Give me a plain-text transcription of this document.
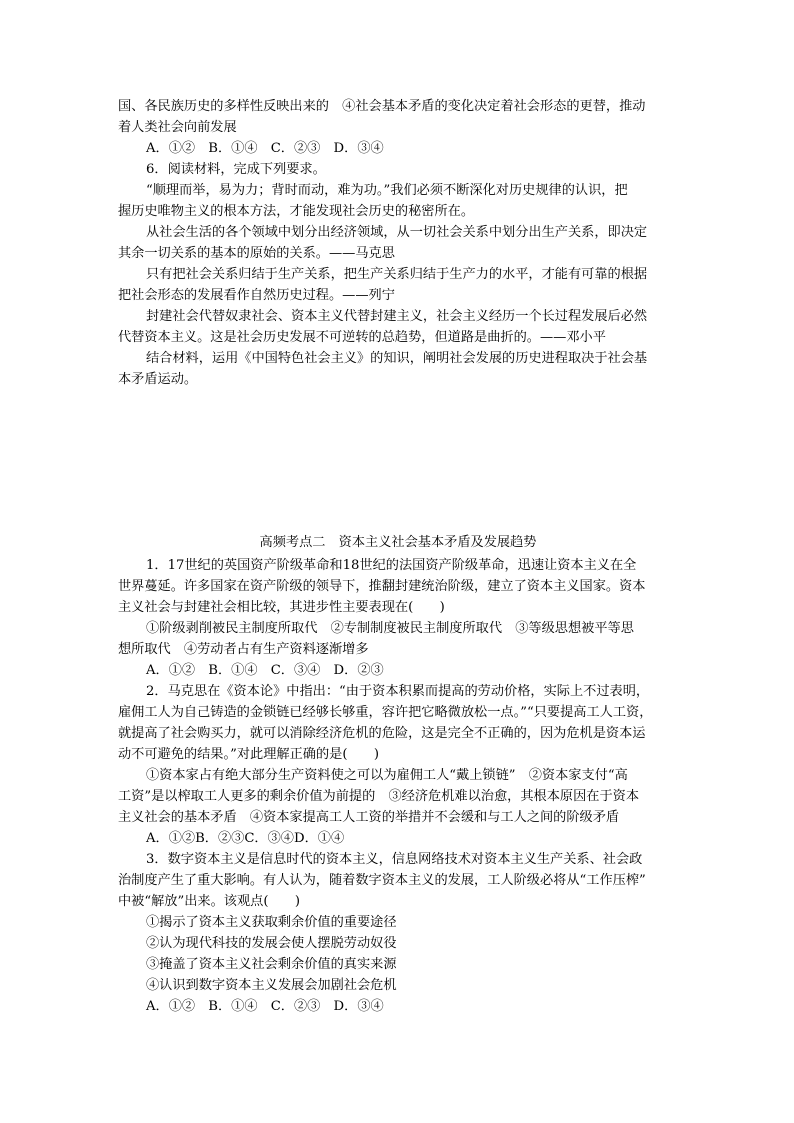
国、各民族历史的多样性反映出来的　④社会基本矛盾的变化决定着社会形态的更替，推动

着人类社会向前发展

A．①②　B．①④　C．②③　D．③④

6．阅读材料，完成下列要求。

“顺理而举，易为力；背时而动，难为功。”我们必须不断深化对历史规律的认识，把

握历史唯物主义的根本方法，才能发现社会历史的秘密所在。

从社会生活的各个领域中划分出经济领域，从一切社会关系中划分出生产关系，即决定

其余一切关系的基本的原始的关系。——马克思

只有把社会关系归结于生产关系，把生产关系归结于生产力的水平，才能有可靠的根据

把社会形态的发展看作自然历史过程。——列宁

封建社会代替奴隶社会、资本主义代替封建主义，社会主义经历一个长过程发展后必然

代替资本主义。这是社会历史发展不可逆转的总趋势，但道路是曲折的。——邓小平

结合材料，运用《中国特色社会主义》的知识，阐明社会发展的历史进程取决于社会基

本矛盾运动。

高频考点二　资本主义社会基本矛盾及发展趋势

1．17世纪的英国资产阶级革命和18世纪的法国资产阶级革命，迅速让资本主义在全

世界蔓延。许多国家在资产阶级的领导下，推翻封建统治阶级，建立了资本主义国家。资本

主义社会与封建社会相比较，其进步性主要表现在(　　)

①阶级剥削被民主制度所取代　②专制制度被民主制度所取代　③等级思想被平等思

想所取代　④劳动者占有生产资料逐渐增多

A．①②　B．①④　C．③④　D．②③

2．马克思在《资本论》中指出：“由于资本积累而提高的劳动价格，实际上不过表明，

雇佣工人为自己铸造的金锁链已经够长够重，容许把它略微放松一点。”“只要提高工人工资，

就提高了社会购买力，就可以消除经济危机的危险，这是完全不正确的，因为危机是资本运

动不可避免的结果。”对此理解正确的是(　　)

①资本家占有绝大部分生产资料使之可以为雇佣工人“戴上锁链”　②资本家支付“高

工资”是以榨取工人更多的剩余价值为前提的　③经济危机难以治愈，其根本原因在于资本

主义社会的基本矛盾　④资本家提高工人工资的举措并不会缓和与工人之间的阶级矛盾

A．①②B．②③C．③④D．①④

3．数字资本主义是信息时代的资本主义，信息网络技术对资本主义生产关系、社会政

治制度产生了重大影响。有人认为，随着数字资本主义的发展，工人阶级必将从“工作压榨”

中被“解放”出来。该观点(　　)

①揭示了资本主义获取剩余价值的重要途径

②认为现代科技的发展会使人摆脱劳动奴役

③掩盖了资本主义社会剩余价值的真实来源

④认识到数字资本主义发展会加剧社会危机

A．①②　B．①④　C．②③　D．③④
